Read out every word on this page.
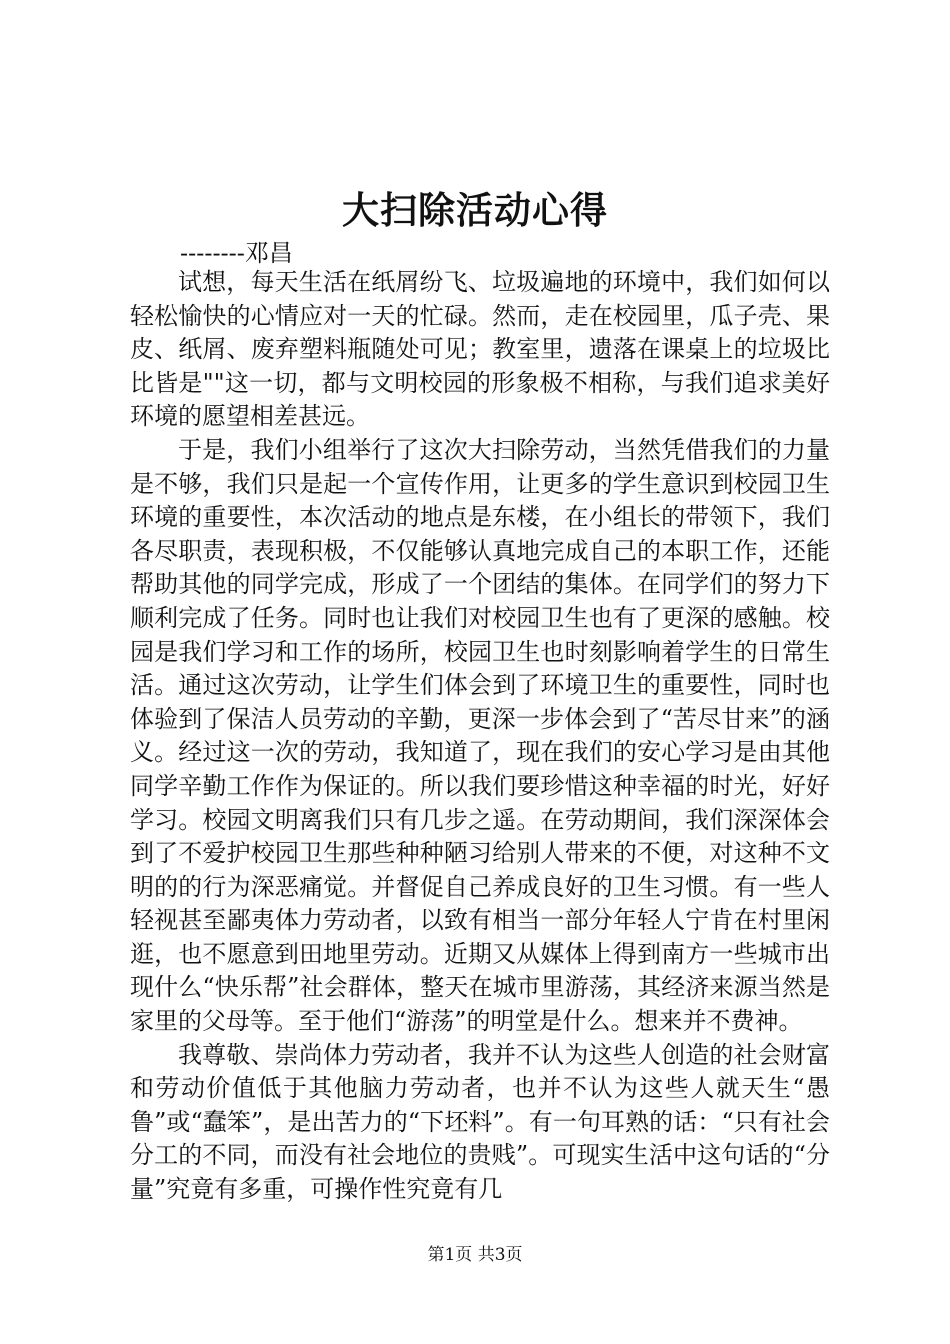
大扫除活动心得

--------邓昌

试想，每天生活在纸屑纷飞、垃圾遍地的环境中，我们如何以轻松愉快的心情应对一天的忙碌。然而，走在校园里，瓜子壳、果皮、纸屑、废弃塑料瓶随处可见；教室里，遗落在课桌上的垃圾比比皆是""这一切，都与文明校园的形象极不相称，与我们追求美好环境的愿望相差甚远。

于是，我们小组举行了这次大扫除劳动，当然凭借我们的力量是不够，我们只是起一个宣传作用，让更多的学生意识到校园卫生环境的重要性，本次活动的地点是东楼，在小组长的带领下，我们各尽职责，表现积极，不仅能够认真地完成自己的本职工作，还能帮助其他的同学完成，形成了一个团结的集体。在同学们的努力下顺利完成了任务。同时也让我们对校园卫生也有了更深的感触。校园是我们学习和工作的场所，校园卫生也时刻影响着学生的日常生活。通过这次劳动，让学生们体会到了环境卫生的重要性，同时也体验到了保洁人员劳动的辛勤，更深一步体会到了“苦尽甘来”的涵义。经过这一次的劳动，我知道了，现在我们的安心学习是由其他同学辛勤工作作为保证的。所以我们要珍惜这种幸福的时光，好好学习。校园文明离我们只有几步之遥。在劳动期间，我们深深体会到了不爱护校园卫生那些种种陋习给别人带来的不便，对这种不文明的的行为深恶痛觉。并督促自己养成良好的卫生习惯。有一些人轻视甚至鄙夷体力劳动者，以致有相当一部分年轻人宁肯在村里闲逛，也不愿意到田地里劳动。近期又从媒体上得到南方一些城市出现什么“快乐帮”社会群体，整天在城市里游荡，其经济来源当然是家里的父母等。至于他们“游荡”的明堂是什么。想来并不费神。

我尊敬、崇尚体力劳动者，我并不认为这些人创造的社会财富和劳动价值低于其他脑力劳动者，也并不认为这些人就天生“愚鲁”或“蠢笨”，是出苦力的“下坯料”。有一句耳熟的话：“只有社会分工的不同，而没有社会地位的贵贱”。可现实生活中这句话的“分量”究竟有多重，可操作性究竟有几

第1页 共3页
